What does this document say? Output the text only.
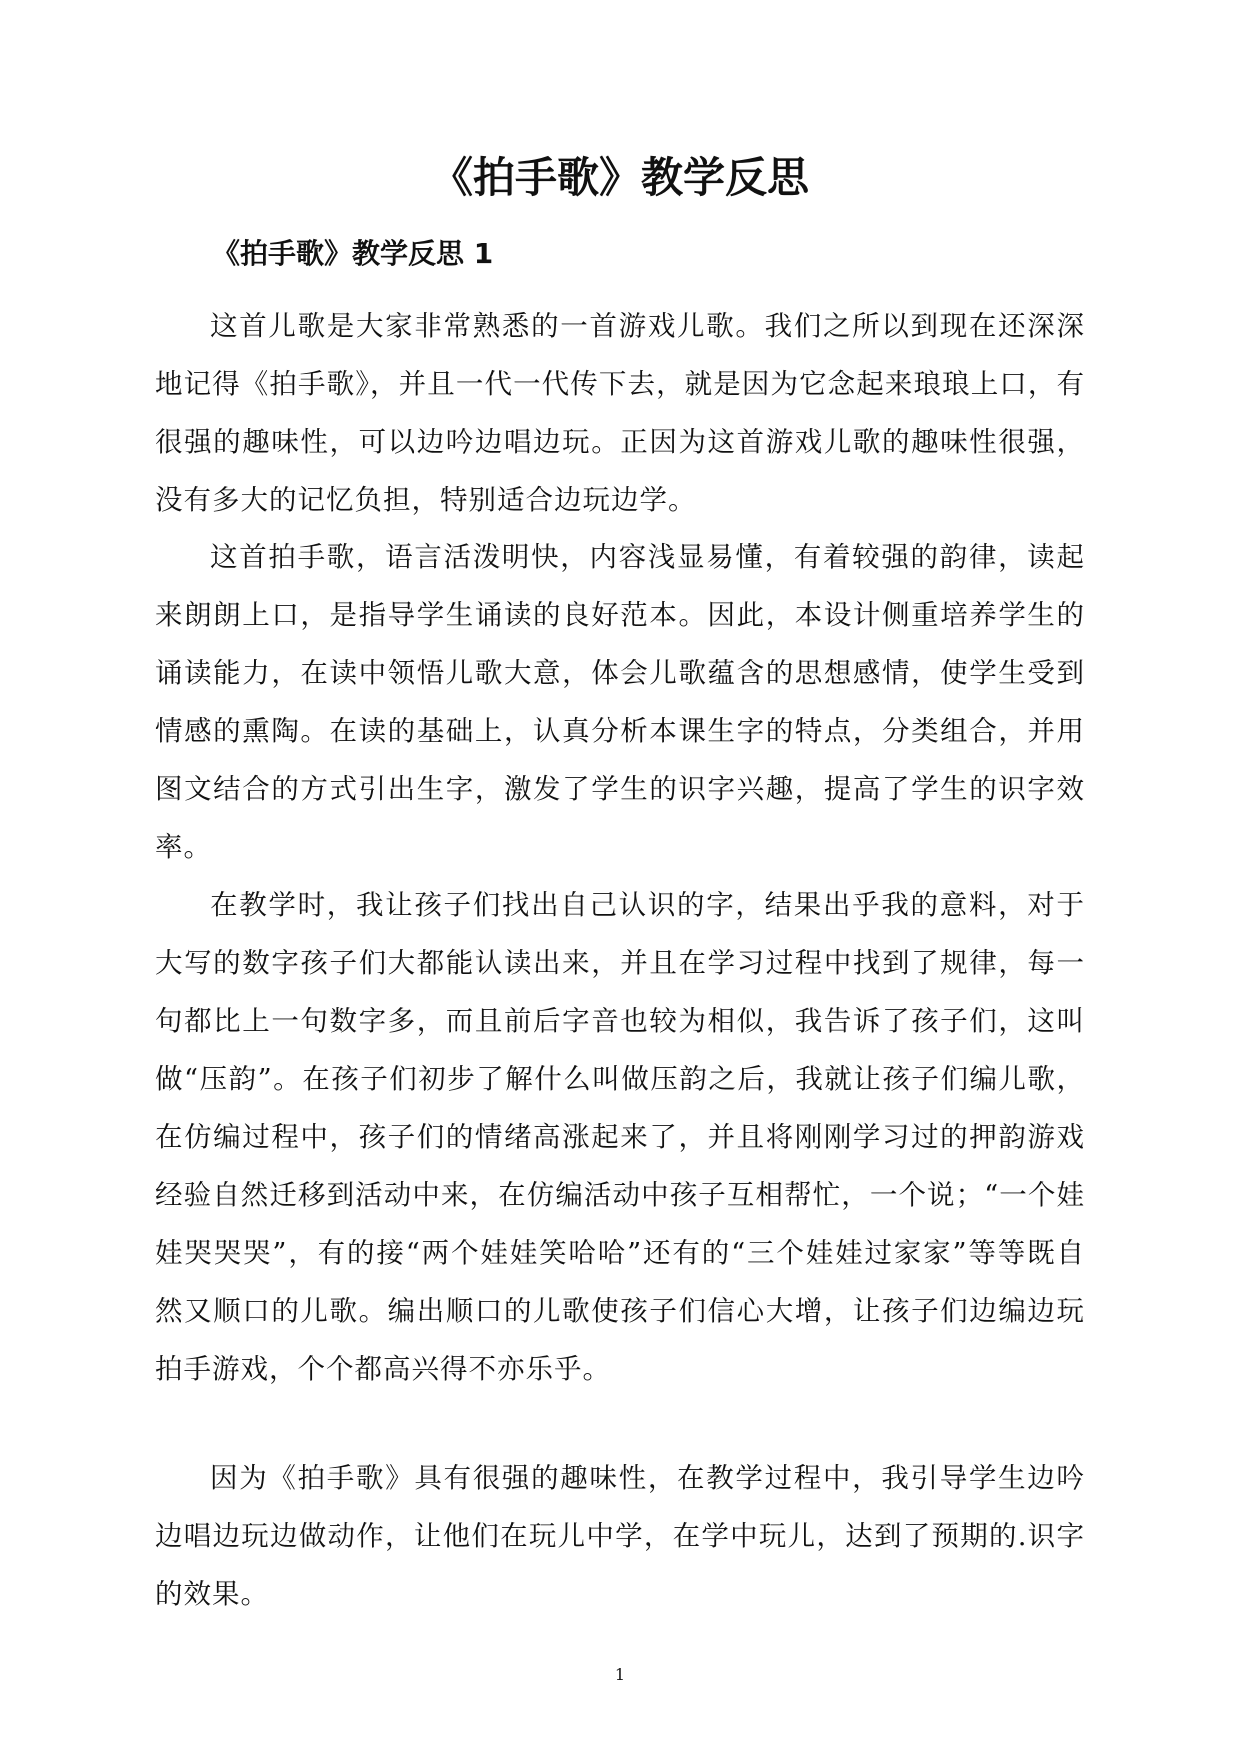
《拍手歌》教学反思
《拍手歌》教学反思 1

这首儿歌是大家非常熟悉的一首游戏儿歌。我们之所以到现在还深深地记得《拍手歌》，并且一代一代传下去，就是因为它念起来琅琅上口，有很强的趣味性，可以边吟边唱边玩。正因为这首游戏儿歌的趣味性很强，没有多大的记忆负担，特别适合边玩边学。

这首拍手歌，语言活泼明快，内容浅显易懂，有着较强的韵律，读起来朗朗上口，是指导学生诵读的良好范本。因此，本设计侧重培养学生的诵读能力，在读中领悟儿歌大意，体会儿歌蕴含的思想感情，使学生受到情感的熏陶。在读的基础上，认真分析本课生字的特点，分类组合，并用图文结合的方式引出生字，激发了学生的识字兴趣，提高了学生的识字效率。

在教学时，我让孩子们找出自己认识的字，结果出乎我的意料，对于大写的数字孩子们大都能认读出来，并且在学习过程中找到了规律，每一句都比上一句数字多，而且前后字音也较为相似，我告诉了孩子们，这叫做“压韵”。在孩子们初步了解什么叫做压韵之后，我就让孩子们编儿歌，在仿编过程中，孩子们的情绪高涨起来了，并且将刚刚学习过的押韵游戏经验自然迁移到活动中来，在仿编活动中孩子互相帮忙，一个说；“一个娃娃哭哭哭”，有的接“两个娃娃笑哈哈”还有的“三个娃娃过家家”等等既自然又顺口的儿歌。编出顺口的儿歌使孩子们信心大增，让孩子们边编边玩拍手游戏，个个都高兴得不亦乐乎。

因为《拍手歌》具有很强的趣味性，在教学过程中，我引导学生边吟边唱边玩边做动作，让他们在玩儿中学，在学中玩儿，达到了预期的.识字的效果。

1
